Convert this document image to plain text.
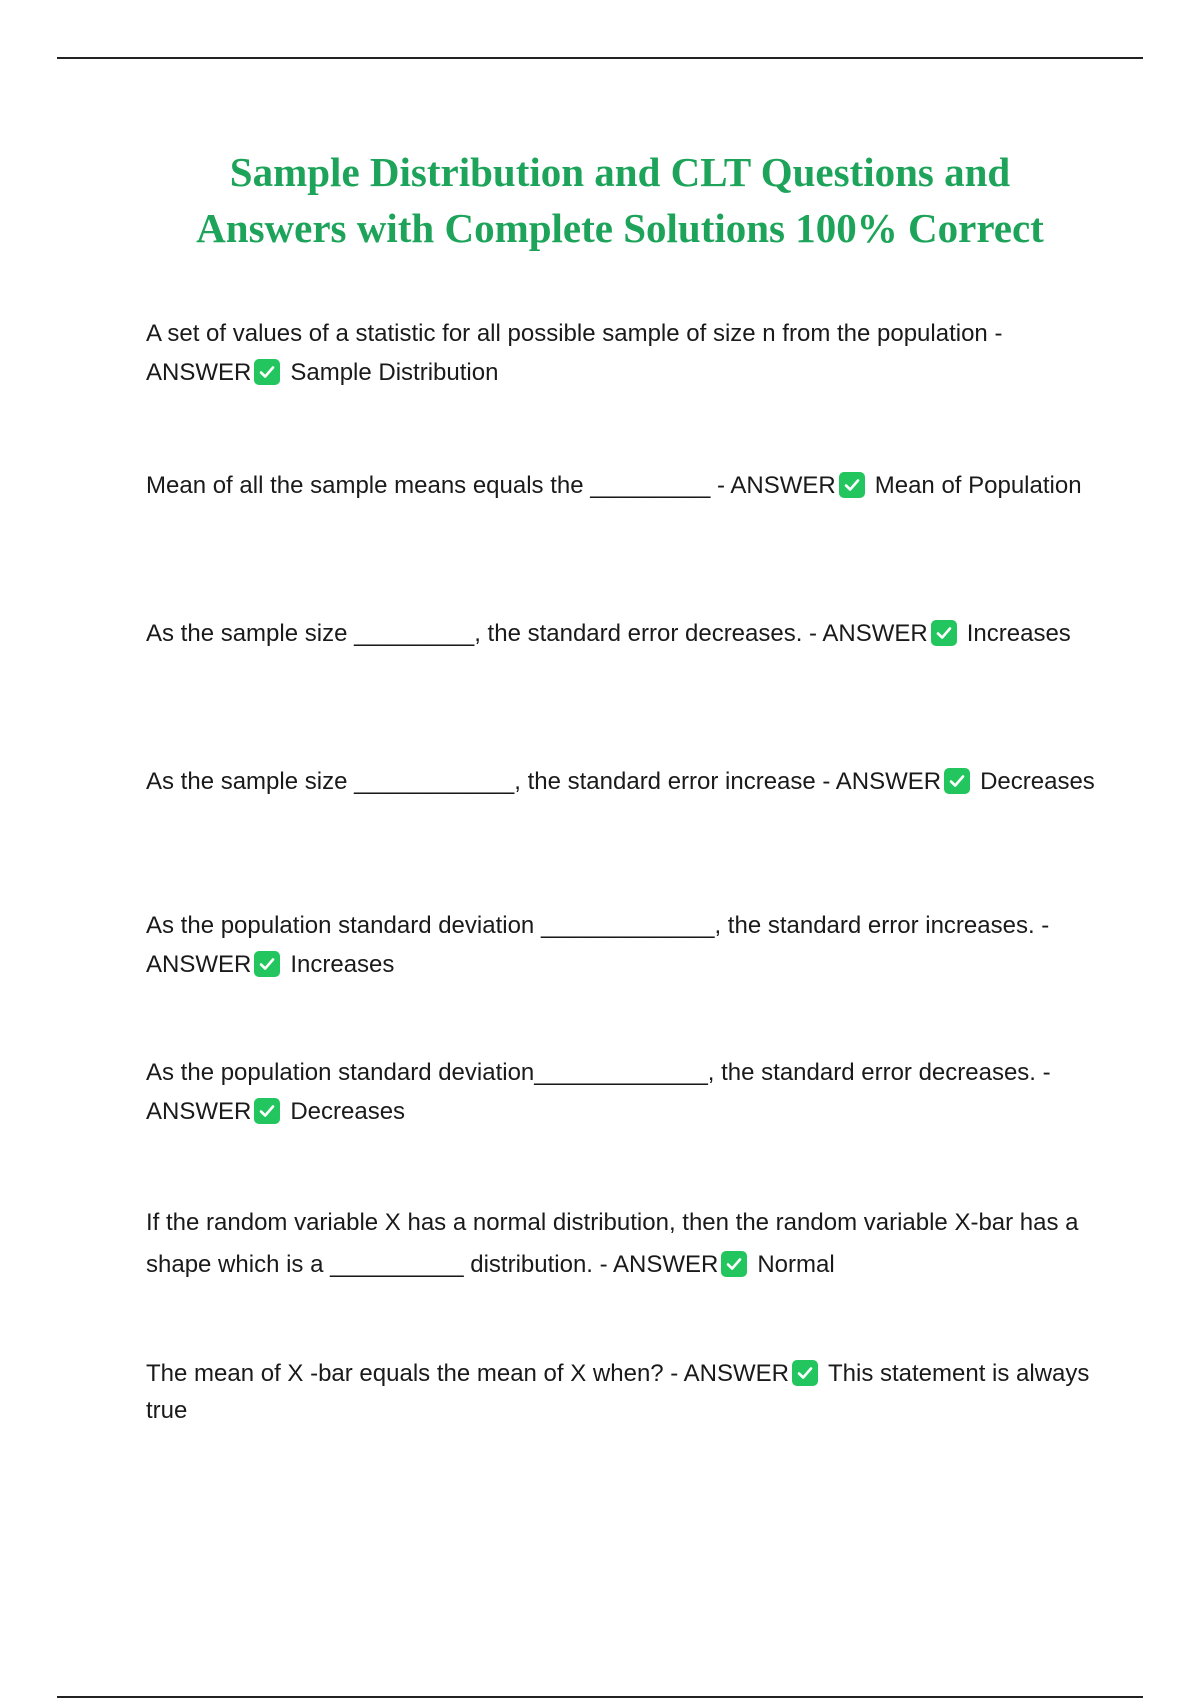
Sample Distribution and CLT Questions and
Answers with Complete Solutions 100% Correct

A set of values of a statistic for all possible sample of size n from the population - ANSWER Sample Distribution

Mean of all the sample means equals the _________ - ANSWER Mean of Population

As the sample size _________, the standard error decreases. - ANSWER Increases

As the sample size ____________, the standard error increase - ANSWER Decreases

As the population standard deviation _____________, the standard error increases. - ANSWER Increases

As the population standard deviation_____________, the standard error decreases. - ANSWER Decreases

If the random variable X has a normal distribution, then the random variable X-bar has a shape which is a __________ distribution. - ANSWER Normal

The mean of X -bar equals the mean of X when? - ANSWER This statement is always true
